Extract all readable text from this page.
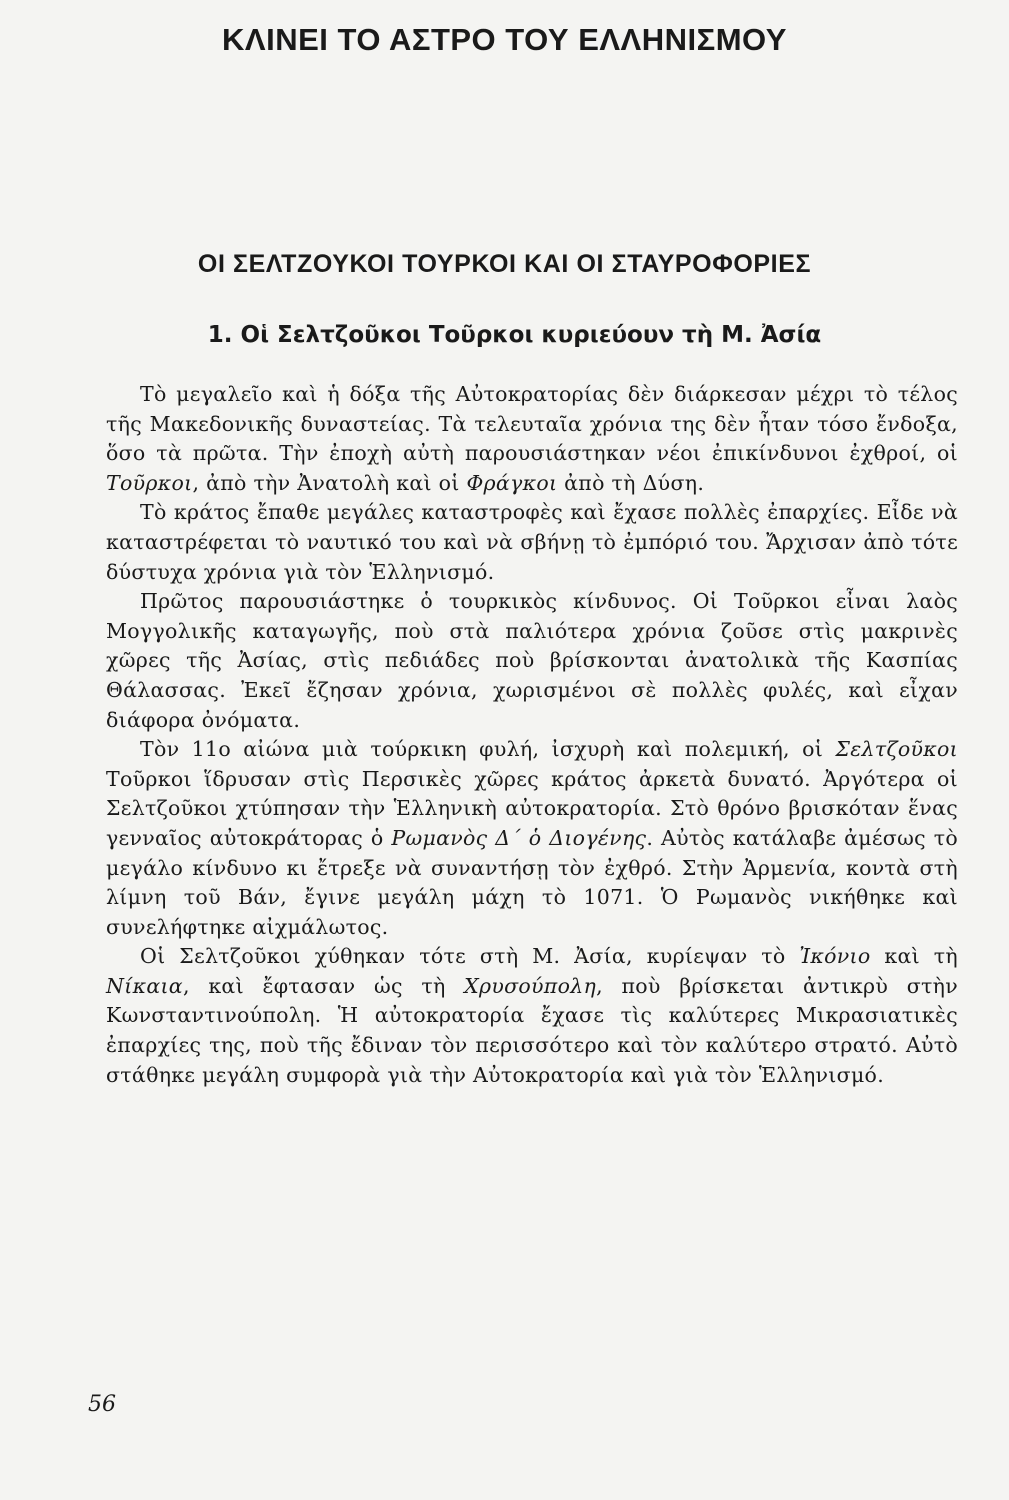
ΚΛΙΝΕΙ ΤΟ ΑΣΤΡΟ ΤΟΥ ΕΛΛΗΝΙΣΜΟΥ
ΟΙ ΣΕΛΤΖΟΥΚΟΙ ΤΟΥΡΚΟΙ ΚΑΙ ΟΙ ΣΤΑΥΡΟΦΟΡΙΕΣ
1. Οἱ Σελτζοῦκοι Τοῦρκοι κυριεύουν τὴ Μ. Ἀσία

Τὸ μεγαλεῖο καὶ ἡ δόξα τῆς Αὐτοκρατορίας δὲν διάρκεσαν μέχρι τὸ τέλος τῆς Μακεδονικῆς δυναστείας. Τὰ τελευταῖα χρόνια της δὲν ἦταν τόσο ἔνδοξα, ὅσο τὰ πρῶτα. Τὴν ἐποχὴ αὐτὴ παρουσιάστηκαν νέοι ἐπικίνδυνοι ἐχθροί, οἱ Τοῦρκοι, ἀπὸ τὴν Ἀνατολὴ καὶ οἱ Φράγκοι ἀπὸ τὴ Δύση.

Τὸ κράτος ἔπαθε μεγάλες καταστροφὲς καὶ ἔχασε πολλὲς ἐπαρχίες. Εἶδε νὰ καταστρέφεται τὸ ναυτικό του καὶ νὰ σβήνῃ τὸ ἐμπόριό του. Ἄρχισαν ἀπὸ τότε δύστυχα χρόνια γιὰ τὸν Ἑλληνισμό.

Πρῶτος παρουσιάστηκε ὁ τουρκικὸς κίνδυνος. Οἱ Τοῦρκοι εἶναι λαὸς Μογγολικῆς καταγωγῆς, ποὺ στὰ παλιότερα χρόνια ζοῦσε στὶς μακρινὲς χῶρες τῆς Ἀσίας, στὶς πεδιάδες ποὺ βρίσκονται ἀνατολικὰ τῆς Κασπίας Θάλασσας. Ἐκεῖ ἔζησαν χρόνια, χωρισμένοι σὲ πολλὲς φυλές, καὶ εἶχαν διάφορα ὀνόματα.

Τὸν 11ο αἰώνα μιὰ τούρκικη φυλή, ἰσχυρὴ καὶ πολεμική, οἱ Σελτζοῦκοι Τοῦρκοι ἵδρυσαν στὶς Περσικὲς χῶρες κράτος ἀρκετὰ δυνατό. Ἀργότερα οἱ Σελτζοῦκοι χτύπησαν τὴν Ἑλληνικὴ αὐτοκρατορία. Στὸ θρόνο βρισκόταν ἕνας γενναῖος αὐτοκράτορας ὁ Ρωμανὸς Δ΄ ὁ Διογένης. Αὐτὸς κατάλαβε ἀμέσως τὸ μεγάλο κίνδυνο κι ἔτρεξε νὰ συναντήσῃ τὸν ἐχθρό. Στὴν Ἀρμενία, κοντὰ στὴ λίμνη τοῦ Βάν, ἔγινε μεγάλη μάχη τὸ 1071. Ὁ Ρωμανὸς νικήθηκε καὶ συνελήφτηκε αἰχμάλωτος.

Οἱ Σελτζοῦκοι χύθηκαν τότε στὴ Μ. Ἀσία, κυρίεψαν τὸ Ἰκόνιο καὶ τὴ Νίκαια, καὶ ἔφτασαν ὡς τὴ Χρυσούπολη, ποὺ βρίσκεται ἀντικρὺ στὴν Κωνσταντινούπολη. Ἡ αὐτοκρατορία ἔχασε τὶς καλύτερες Μικρασιατικὲς ἐπαρχίες της, ποὺ τῆς ἔδιναν τὸν περισσότερο καὶ τὸν καλύτερο στρατό. Αὐτὸ στάθηκε μεγάλη συμφορὰ γιὰ τὴν Αὐτοκρατορία καὶ γιὰ τὸν Ἑλληνισμό.

56
